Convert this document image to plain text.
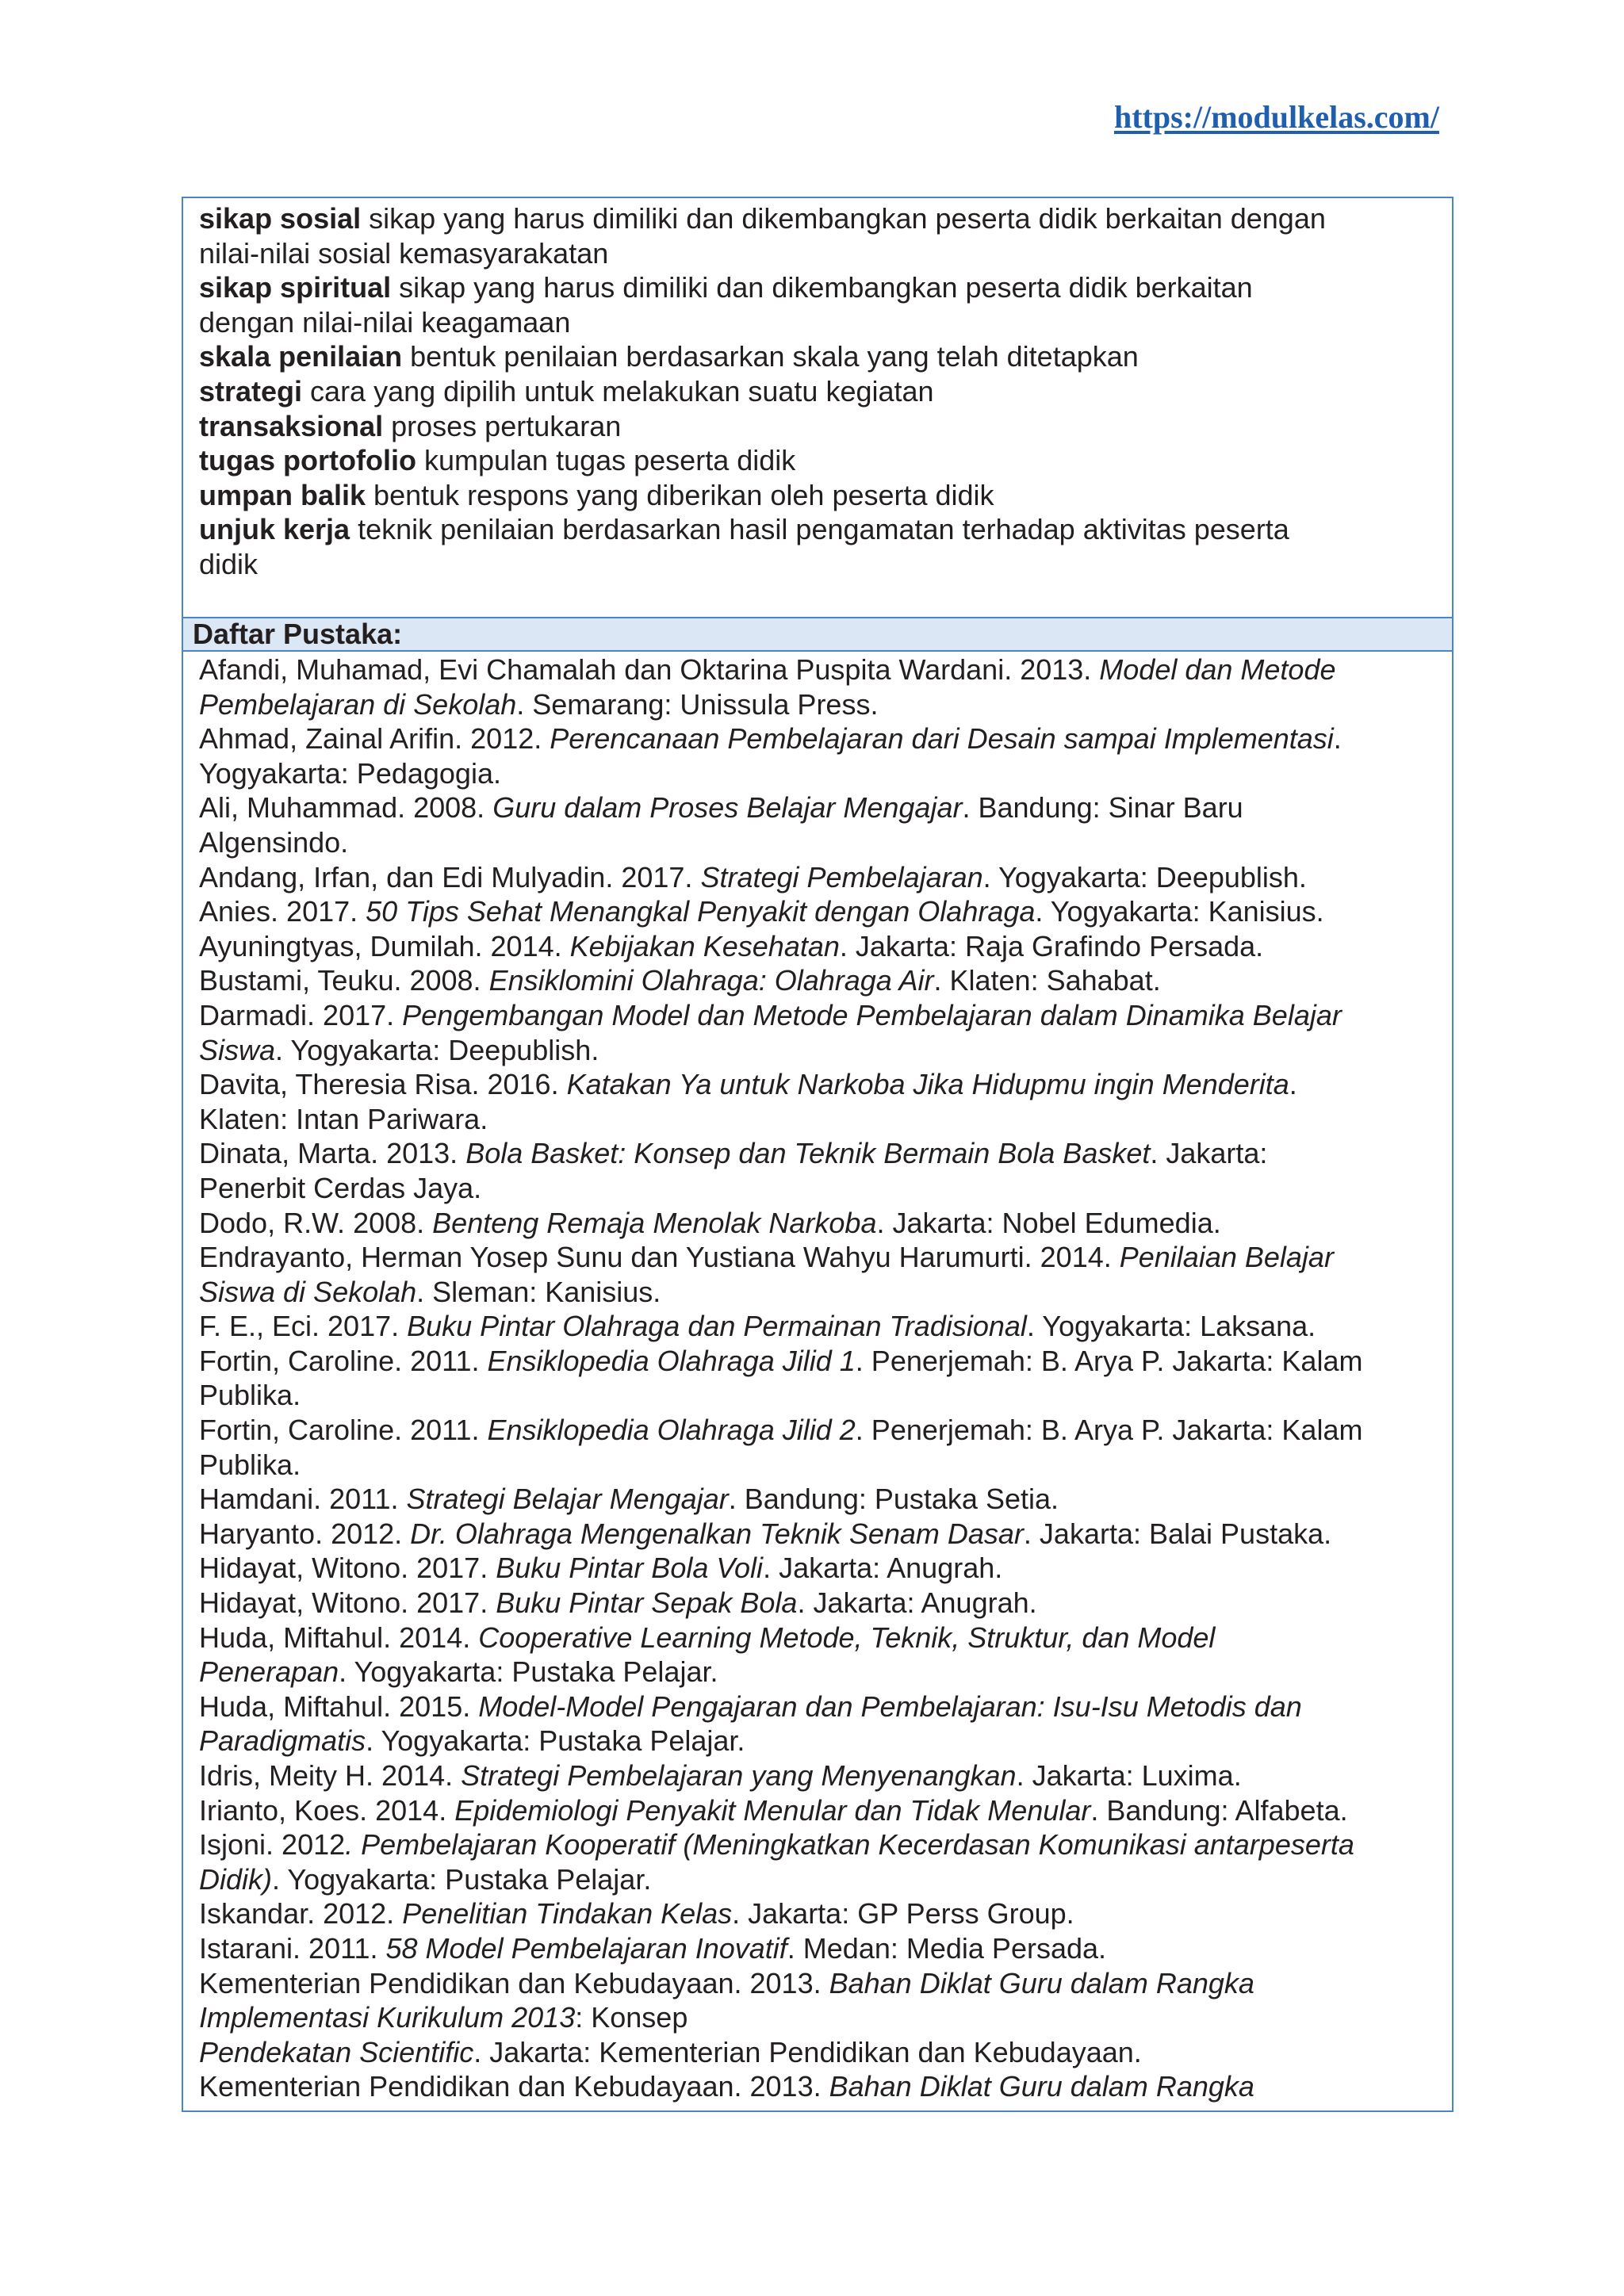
https://modulkelas.com/

sikap sosial sikap yang harus dimiliki dan dikembangkan peserta didik berkaitan dengan

nilai-nilai sosial kemasyarakatan

sikap spiritual sikap yang harus dimiliki dan dikembangkan peserta didik berkaitan

dengan nilai-nilai keagamaan

skala penilaian bentuk penilaian berdasarkan skala yang telah ditetapkan

strategi cara yang dipilih untuk melakukan suatu kegiatan

transaksional proses pertukaran

tugas portofolio kumpulan tugas peserta didik

umpan balik bentuk respons yang diberikan oleh peserta didik

unjuk kerja teknik penilaian berdasarkan hasil pengamatan terhadap aktivitas peserta

didik

Daftar Pustaka:

Afandi, Muhamad, Evi Chamalah dan Oktarina Puspita Wardani. 2013. Model dan Metode

Pembelajaran di Sekolah. Semarang: Unissula Press.

Ahmad, Zainal Arifin. 2012. Perencanaan Pembelajaran dari Desain sampai Implementasi.

Yogyakarta: Pedagogia.

Ali, Muhammad. 2008. Guru dalam Proses Belajar Mengajar. Bandung: Sinar Baru

Algensindo.

Andang, Irfan, dan Edi Mulyadin. 2017. Strategi Pembelajaran. Yogyakarta: Deepublish.

Anies. 2017. 50 Tips Sehat Menangkal Penyakit dengan Olahraga. Yogyakarta: Kanisius.

Ayuningtyas, Dumilah. 2014. Kebijakan Kesehatan. Jakarta: Raja Grafindo Persada.

Bustami, Teuku. 2008. Ensiklomini Olahraga: Olahraga Air. Klaten: Sahabat.

Darmadi. 2017. Pengembangan Model dan Metode Pembelajaran dalam Dinamika Belajar

Siswa. Yogyakarta: Deepublish.

Davita, Theresia Risa. 2016. Katakan Ya untuk Narkoba Jika Hidupmu ingin Menderita.

Klaten: Intan Pariwara.

Dinata, Marta. 2013. Bola Basket: Konsep dan Teknik Bermain Bola Basket. Jakarta:

Penerbit Cerdas Jaya.

Dodo, R.W. 2008. Benteng Remaja Menolak Narkoba. Jakarta: Nobel Edumedia.

Endrayanto, Herman Yosep Sunu dan Yustiana Wahyu Harumurti. 2014. Penilaian Belajar

Siswa di Sekolah. Sleman: Kanisius.

F. E., Eci. 2017. Buku Pintar Olahraga dan Permainan Tradisional. Yogyakarta: Laksana.

Fortin, Caroline. 2011. Ensiklopedia Olahraga Jilid 1. Penerjemah: B. Arya P. Jakarta: Kalam

Publika.

Fortin, Caroline. 2011. Ensiklopedia Olahraga Jilid 2. Penerjemah: B. Arya P. Jakarta: Kalam

Publika.

Hamdani. 2011. Strategi Belajar Mengajar. Bandung: Pustaka Setia.

Haryanto. 2012. Dr. Olahraga Mengenalkan Teknik Senam Dasar. Jakarta: Balai Pustaka.

Hidayat, Witono. 2017. Buku Pintar Bola Voli. Jakarta: Anugrah.

Hidayat, Witono. 2017. Buku Pintar Sepak Bola. Jakarta: Anugrah.

Huda, Miftahul. 2014. Cooperative Learning Metode, Teknik, Struktur, dan Model

Penerapan. Yogyakarta: Pustaka Pelajar.

Huda, Miftahul. 2015. Model-Model Pengajaran dan Pembelajaran: Isu-Isu Metodis dan

Paradigmatis. Yogyakarta: Pustaka Pelajar.

Idris, Meity H. 2014. Strategi Pembelajaran yang Menyenangkan. Jakarta: Luxima.

Irianto, Koes. 2014. Epidemiologi Penyakit Menular dan Tidak Menular. Bandung: Alfabeta.

Isjoni. 2012. Pembelajaran Kooperatif (Meningkatkan Kecerdasan Komunikasi antarpeserta

Didik). Yogyakarta: Pustaka Pelajar.

Iskandar. 2012. Penelitian Tindakan Kelas. Jakarta: GP Perss Group.

Istarani. 2011. 58 Model Pembelajaran Inovatif. Medan: Media Persada.

Kementerian Pendidikan dan Kebudayaan. 2013. Bahan Diklat Guru dalam Rangka

Implementasi Kurikulum 2013: Konsep

Pendekatan Scientific. Jakarta: Kementerian Pendidikan dan Kebudayaan.

Kementerian Pendidikan dan Kebudayaan. 2013. Bahan Diklat Guru dalam Rangka
